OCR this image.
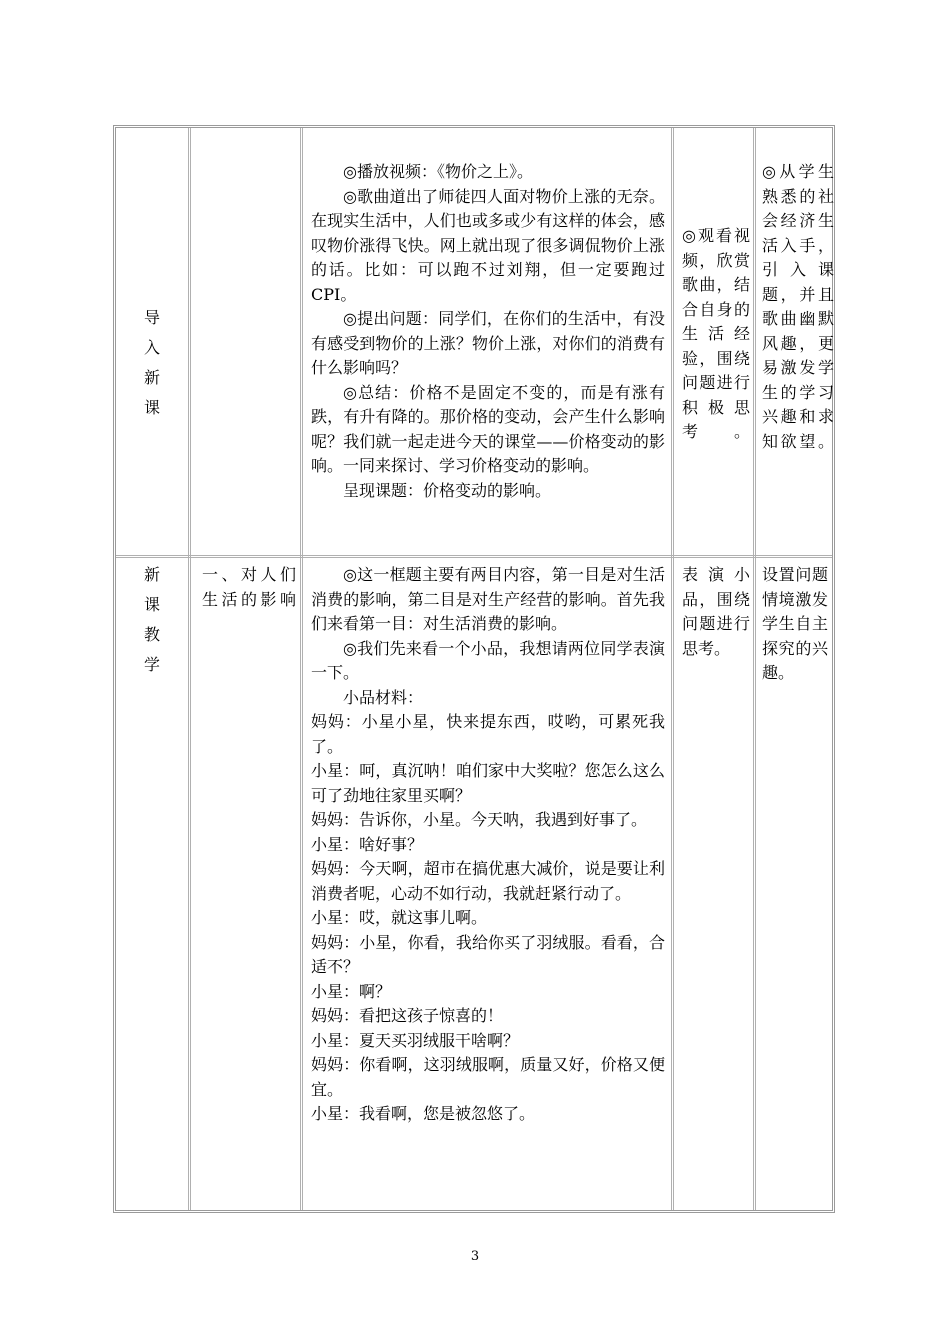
导
入
新
课

◎播放视频：《物价之上》。

◎歌曲道出了师徒四人面对物价上涨的无奈。在现实生活中，人们也或多或少有这样的体会，感叹物价涨得飞快。网上就出现了很多调侃物价上涨的话。比如：可以跑不过刘翔，但一定要跑过CPI。

◎提出问题：同学们，在你们的生活中，有没有感受到物价的上涨？物价上涨，对你们的消费有什么影响吗？

◎总结：价格不是固定不变的，而是有涨有跌，有升有降的。那价格的变动，会产生什么影响呢？我们就一起走进今天的课堂——价格变动的影响。一同来探讨、学习价格变动的影响。

呈现课题：价格变动的影响。

◎观看视频，欣赏歌曲，结合自身的生活经验，围绕问题进行积极思考。
◎从学生熟悉的社会经济生活入手，引入课题，并且歌曲幽默风趣，更易激发学生的学习兴趣和求知欲望。
新
课
教
学
一、对人们生活的影响

◎这一框题主要有两目内容，第一目是对生活消费的影响，第二目是对生产经营的影响。首先我们来看第一目：对生活消费的影响。

◎我们先来看一个小品，我想请两位同学表演一下。

小品材料：

妈妈：小星小星，快来提东西，哎哟，可累死我了。

小星：呵，真沉呐！咱们家中大奖啦？您怎么这么可了劲地往家里买啊？

妈妈：告诉你，小星。今天呐，我遇到好事了。

小星：啥好事？

妈妈：今天啊，超市在搞优惠大减价，说是要让利消费者呢，心动不如行动，我就赶紧行动了。

小星：哎，就这事儿啊。

妈妈：小星，你看，我给你买了羽绒服。看看，合适不？

小星：啊？

妈妈：看把这孩子惊喜的！

小星：夏天买羽绒服干啥啊？

妈妈：你看啊，这羽绒服啊，质量又好，价格又便宜。

小星：我看啊，您是被忽悠了。

表演小品，围绕问题进行思考。
设置问题情境激发学生自主探究的兴趣。
3
